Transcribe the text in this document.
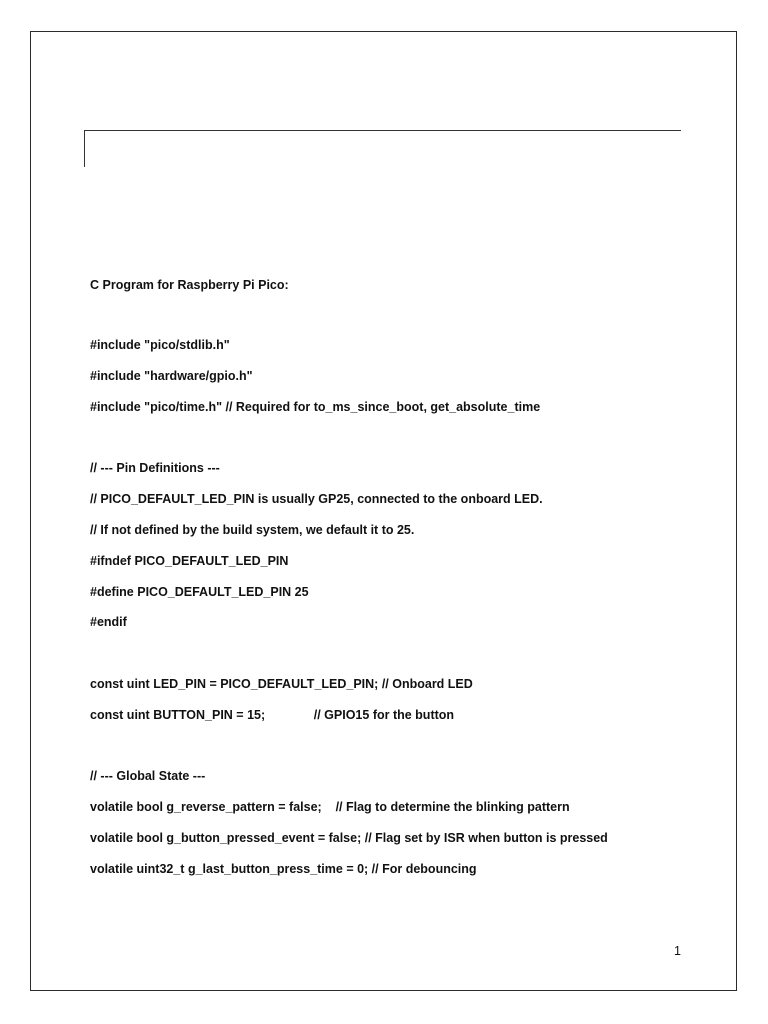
C Program for Raspberry Pi Pico:

#include "pico/stdlib.h"

#include "hardware/gpio.h"

#include "pico/time.h" // Required for to_ms_since_boot, get_absolute_time

// --- Pin Definitions ---

// PICO_DEFAULT_LED_PIN is usually GP25, connected to the onboard LED.

// If not defined by the build system, we default it to 25.

#ifndef PICO_DEFAULT_LED_PIN

#define PICO_DEFAULT_LED_PIN 25

#endif

const uint LED_PIN = PICO_DEFAULT_LED_PIN; // Onboard LED

const uint BUTTON_PIN = 15;              // GPIO15 for the button

// --- Global State ---

volatile bool g_reverse_pattern = false;    // Flag to determine the blinking pattern

volatile bool g_button_pressed_event = false; // Flag set by ISR when button is pressed

volatile uint32_t g_last_button_press_time = 0; // For debouncing

1
